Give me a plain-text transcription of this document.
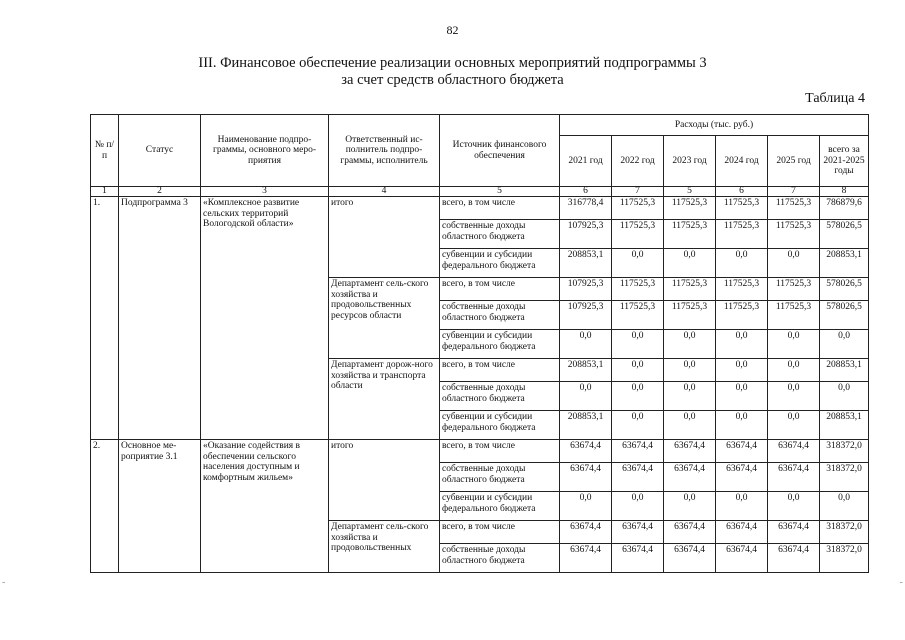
82
III. Финансовое обеспечение реализации основных мероприятий подпрограммы 3
за счет средств областного бюджета
Таблица 4
№ п/п	Статус	Наименование подпро-граммы, основного меро-приятия	Ответственный ис-полнитель подпро-граммы, исполнитель	Источник финансового обеспечения	Расходы (тыс. руб.)					
					2021 год	2022 год	2023 год	2024 год	2025 год	всего за 2021-2025 годы
1	2	3	4	5	6	7	5	6	7	8
1.	Подпрограмма 3	«Комплексное развитие сельских территорий Вологодской области»	итого	всего, в том числе	316778,4	117525,3	117525,3	117525,3	117525,3	786879,6
				собственные доходы областного бюджета	107925,3	117525,3	117525,3	117525,3	117525,3	578026,5
				субвенции и субсидии федерального бюджета	208853,1	0,0	0,0	0,0	0,0	208853,1
			Департамент сель-ского хозяйства и продовольственных ресурсов области	всего, в том числе	107925,3	117525,3	117525,3	117525,3	117525,3	578026,5
				собственные доходы областного бюджета	107925,3	117525,3	117525,3	117525,3	117525,3	578026,5
				субвенции и субсидии федерального бюджета	0,0	0,0	0,0	0,0	0,0	0,0
			Департамент дорож-ного хозяйства и транспорта области	всего, в том числе	208853,1	0,0	0,0	0,0	0,0	208853,1
				собственные доходы областного бюджета	0,0	0,0	0,0	0,0	0,0	0,0
				субвенции и субсидии федерального бюджета	208853,1	0,0	0,0	0,0	0,0	208853,1
2.	Основное ме-роприятие 3.1	«Оказание содействия в обеспечении сельского населения доступным и комфортным жильем»	итого	всего, в том числе	63674,4	63674,4	63674,4	63674,4	63674,4	318372,0
				собственные доходы областного бюджета	63674,4	63674,4	63674,4	63674,4	63674,4	318372,0
				субвенции и субсидии федерального бюджета	0,0	0,0	0,0	0,0	0,0	0,0
			Департамент сель-ского хозяйства и продовольственных	всего, в том числе	63674,4	63674,4	63674,4	63674,4	63674,4	318372,0
				собственные доходы областного бюджета	63674,4	63674,4	63674,4	63674,4	63674,4	318372,0
-	-
